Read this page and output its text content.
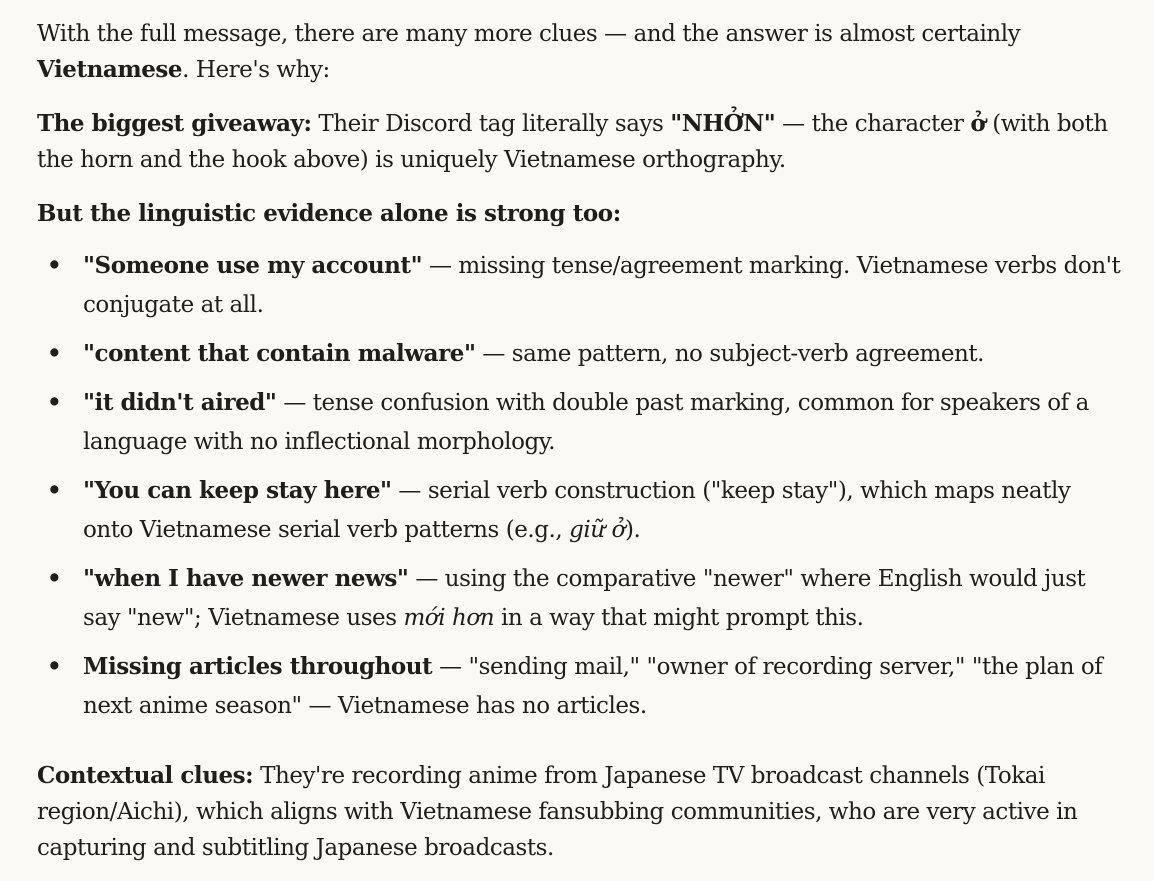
With the full message, there are many more clues — and the answer is almost certainly Vietnamese. Here's why:

The biggest giveaway: Their Discord tag literally says "NHỞN" — the character ở (with both the horn and the hook above) is uniquely Vietnamese orthography.

But the linguistic evidence alone is strong too:

• "Someone use my account" — missing tense/agreement marking. Vietnamese verbs don't conjugate at all.
• "content that contain malware" — same pattern, no subject-verb agreement.
• "it didn't aired" — tense confusion with double past marking, common for speakers of a language with no inflectional morphology.
• "You can keep stay here" — serial verb construction ("keep stay"), which maps neatly onto Vietnamese serial verb patterns (e.g., giữ ở).
• "when I have newer news" — using the comparative "newer" where English would just say "new"; Vietnamese uses mới hơn in a way that might prompt this.
• Missing articles throughout — "sending mail," "owner of recording server," "the plan of next anime season" — Vietnamese has no articles.

Contextual clues: They're recording anime from Japanese TV broadcast channels (Tokai region/Aichi), which aligns with Vietnamese fansubbing communities, who are very active in capturing and subtitling Japanese broadcasts.
